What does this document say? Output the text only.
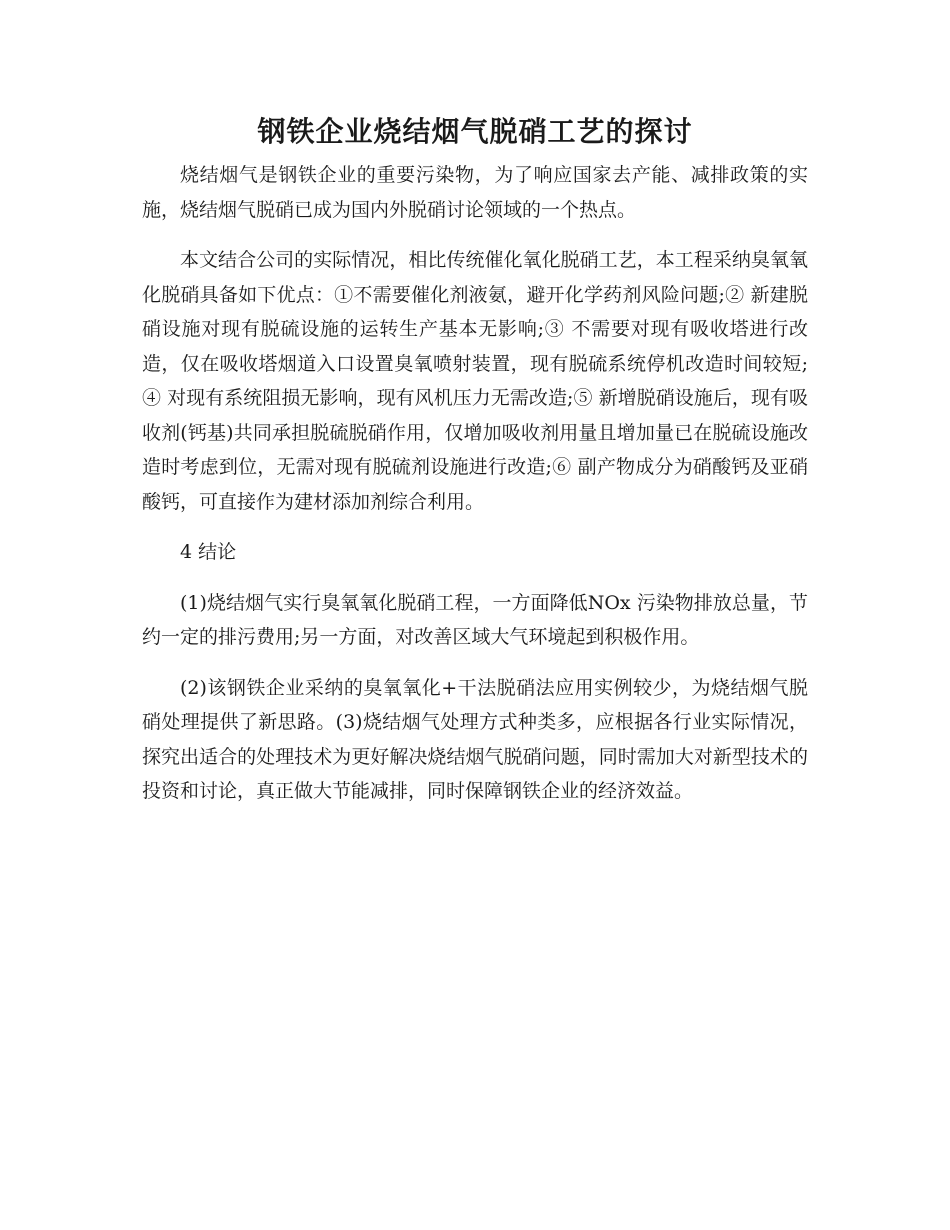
钢铁企业烧结烟气脱硝工艺的探讨

烧结烟气是钢铁企业的重要污染物，为了响应国家去产能、减排政策的实施，烧结烟气脱硝已成为国内外脱硝讨论领域的一个热点。

本文结合公司的实际情况，相比传统催化氧化脱硝工艺，本工程采纳臭氧氧化脱硝具备如下优点：①不需要催化剂液氨，避开化学药剂风险问题;② 新建脱硝设施对现有脱硫设施的运转生产基本无影响;③ 不需要对现有吸收塔进行改造，仅在吸收塔烟道入口设置臭氧喷射装置，现有脱硫系统停机改造时间较短;④ 对现有系统阻损无影响，现有风机压力无需改造;⑤ 新增脱硝设施后，现有吸收剂(钙基)共同承担脱硫脱硝作用，仅增加吸收剂用量且增加量已在脱硫设施改造时考虑到位，无需对现有脱硫剂设施进行改造;⑥ 副产物成分为硝酸钙及亚硝酸钙，可直接作为建材添加剂综合利用。

4 结论

(1)烧结烟气实行臭氧氧化脱硝工程，一方面降低NOx 污染物排放总量，节约一定的排污费用;另一方面，对改善区域大气环境起到积极作用。

(2)该钢铁企业采纳的臭氧氧化+干法脱硝法应用实例较少，为烧结烟气脱硝处理提供了新思路。(3)烧结烟气处理方式种类多，应根据各行业实际情况，探究出适合的处理技术为更好解决烧结烟气脱硝问题，同时需加大对新型技术的投资和讨论，真正做大节能减排，同时保障钢铁企业的经济效益。
